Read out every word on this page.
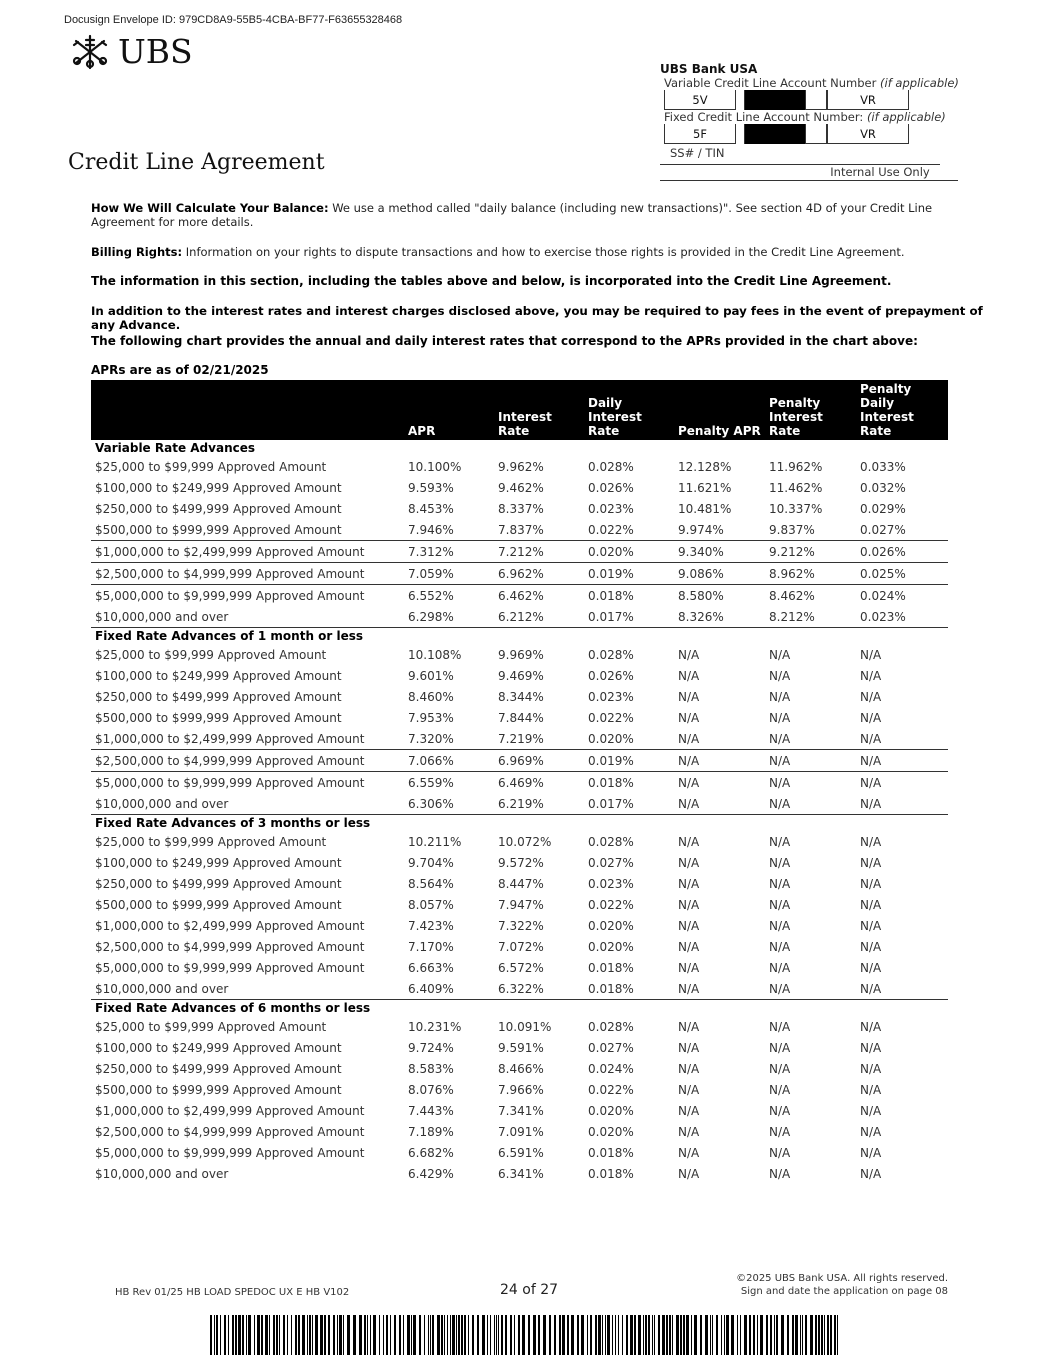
Docusign Envelope ID: 979CD8A9-55B5-4CBA-BF77-F63655328468
UBS
Credit Line Agreement
UBS Bank USA
Variable Credit Line Account Number (if applicable)
5V	VR
Fixed Credit Line Account Number: (if applicable)
5F	VR
SS# / TIN
Internal Use Only
How We Will Calculate Your Balance: We use a method called "daily balance (including new transactions)". See section 4D of your Credit Line Agreement for more details.
Billing Rights: Information on your rights to dispute transactions and how to exercise those rights is provided in the Credit Line Agreement.
The information in this section, including the tables above and below, is incorporated into the Credit Line Agreement.
In addition to the interest rates and interest charges disclosed above, you may be required to pay fees in the event of prepayment of any Advance.
The following chart provides the annual and daily interest rates that correspond to the APRs provided in the chart above:
APRs are as of 02/21/2025
	APR	Interest Rate	Daily Interest Rate	Penalty APR	Penalty Interest Rate	Penalty Daily Interest Rate
Variable Rate Advances						
$25,000 to $99,999 Approved Amount	10.100%	9.962%	0.028%	12.128%	11.962%	0.033%
$100,000 to $249,999 Approved Amount	9.593%	9.462%	0.026%	11.621%	11.462%	0.032%
$250,000 to $499,999 Approved Amount	8.453%	8.337%	0.023%	10.481%	10.337%	0.029%
$500,000 to $999,999 Approved Amount	7.946%	7.837%	0.022%	9.974%	9.837%	0.027%
$1,000,000 to $2,499,999 Approved Amount	7.312%	7.212%	0.020%	9.340%	9.212%	0.026%
$2,500,000 to $4,999,999 Approved Amount	7.059%	6.962%	0.019%	9.086%	8.962%	0.025%
$5,000,000 to $9,999,999 Approved Amount	6.552%	6.462%	0.018%	8.580%	8.462%	0.024%
$10,000,000 and over	6.298%	6.212%	0.017%	8.326%	8.212%	0.023%
Fixed Rate Advances of 1 month or less						
$25,000 to $99,999 Approved Amount	10.108%	9.969%	0.028%	N/A	N/A	N/A
$100,000 to $249,999 Approved Amount	9.601%	9.469%	0.026%	N/A	N/A	N/A
$250,000 to $499,999 Approved Amount	8.460%	8.344%	0.023%	N/A	N/A	N/A
$500,000 to $999,999 Approved Amount	7.953%	7.844%	0.022%	N/A	N/A	N/A
$1,000,000 to $2,499,999 Approved Amount	7.320%	7.219%	0.020%	N/A	N/A	N/A
$2,500,000 to $4,999,999 Approved Amount	7.066%	6.969%	0.019%	N/A	N/A	N/A
$5,000,000 to $9,999,999 Approved Amount	6.559%	6.469%	0.018%	N/A	N/A	N/A
$10,000,000 and over	6.306%	6.219%	0.017%	N/A	N/A	N/A
Fixed Rate Advances of 3 months or less						
$25,000 to $99,999 Approved Amount	10.211%	10.072%	0.028%	N/A	N/A	N/A
$100,000 to $249,999 Approved Amount	9.704%	9.572%	0.027%	N/A	N/A	N/A
$250,000 to $499,999 Approved Amount	8.564%	8.447%	0.023%	N/A	N/A	N/A
$500,000 to $999,999 Approved Amount	8.057%	7.947%	0.022%	N/A	N/A	N/A
$1,000,000 to $2,499,999 Approved Amount	7.423%	7.322%	0.020%	N/A	N/A	N/A
$2,500,000 to $4,999,999 Approved Amount	7.170%	7.072%	0.020%	N/A	N/A	N/A
$5,000,000 to $9,999,999 Approved Amount	6.663%	6.572%	0.018%	N/A	N/A	N/A
$10,000,000 and over	6.409%	6.322%	0.018%	N/A	N/A	N/A
Fixed Rate Advances of 6 months or less						
$25,000 to $99,999 Approved Amount	10.231%	10.091%	0.028%	N/A	N/A	N/A
$100,000 to $249,999 Approved Amount	9.724%	9.591%	0.027%	N/A	N/A	N/A
$250,000 to $499,999 Approved Amount	8.583%	8.466%	0.024%	N/A	N/A	N/A
$500,000 to $999,999 Approved Amount	8.076%	7.966%	0.022%	N/A	N/A	N/A
$1,000,000 to $2,499,999 Approved Amount	7.443%	7.341%	0.020%	N/A	N/A	N/A
$2,500,000 to $4,999,999 Approved Amount	7.189%	7.091%	0.020%	N/A	N/A	N/A
$5,000,000 to $9,999,999 Approved Amount	6.682%	6.591%	0.018%	N/A	N/A	N/A
$10,000,000 and over	6.429%	6.341%	0.018%	N/A	N/A	N/A
HB Rev 01/25 HB LOAD SPEDOC UX E HB V102	24 of 27
©2025 UBS Bank USA. All rights reserved.
Sign and date the application on page 08
